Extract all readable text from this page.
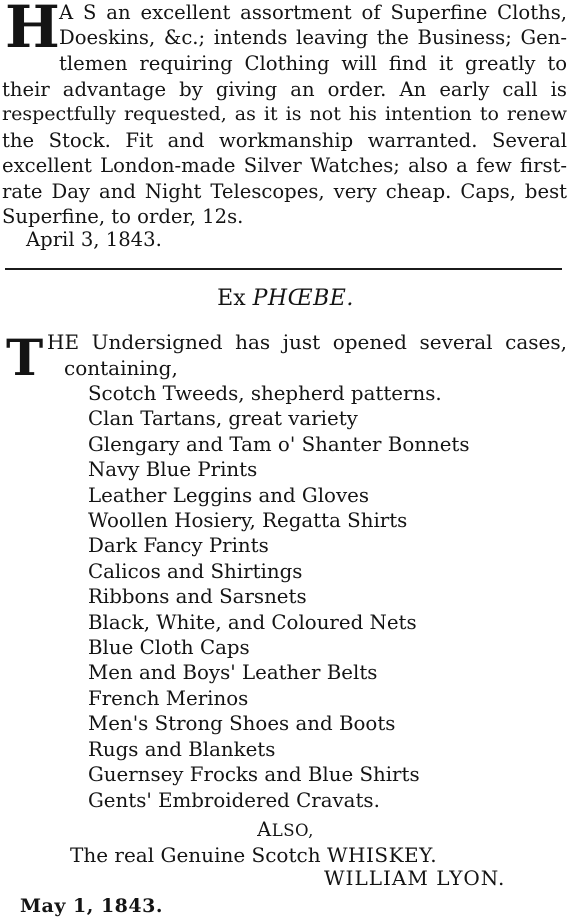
H A S an excellent assortment of Superfine Cloths,
Doeskins, &c.; intends leaving the Business; Gen-
tlemen requiring Clothing will find it greatly to
their advantage by giving an order. An early call is
respectfully requested, as it is not his intention to renew
the Stock. Fit and workmanship warranted. Several
excellent London-made Silver Watches; also a few first-
rate Day and Night Telescopes, very cheap. Caps, best
Superfine, to order, 12s.
April 3, 1843.
Ex PHŒBE.
T HE Undersigned has just opened several cases,
containing,
Scotch Tweeds, shepherd patterns.
Clan Tartans, great variety
Glengary and Tam o' Shanter Bonnets
Navy Blue Prints
Leather Leggins and Gloves
Woollen Hosiery, Regatta Shirts
Dark Fancy Prints
Calicos and Shirtings
Ribbons and Sarsnets
Black, White, and Coloured Nets
Blue Cloth Caps
Men and Boys' Leather Belts
French Merinos
Men's Strong Shoes and Boots
Rugs and Blankets
Guernsey Frocks and Blue Shirts
Gents' Embroidered Cravats.
ALSO,
The real Genuine Scotch WHISKEY.
WILLIAM LYON.
May 1, 1843.
